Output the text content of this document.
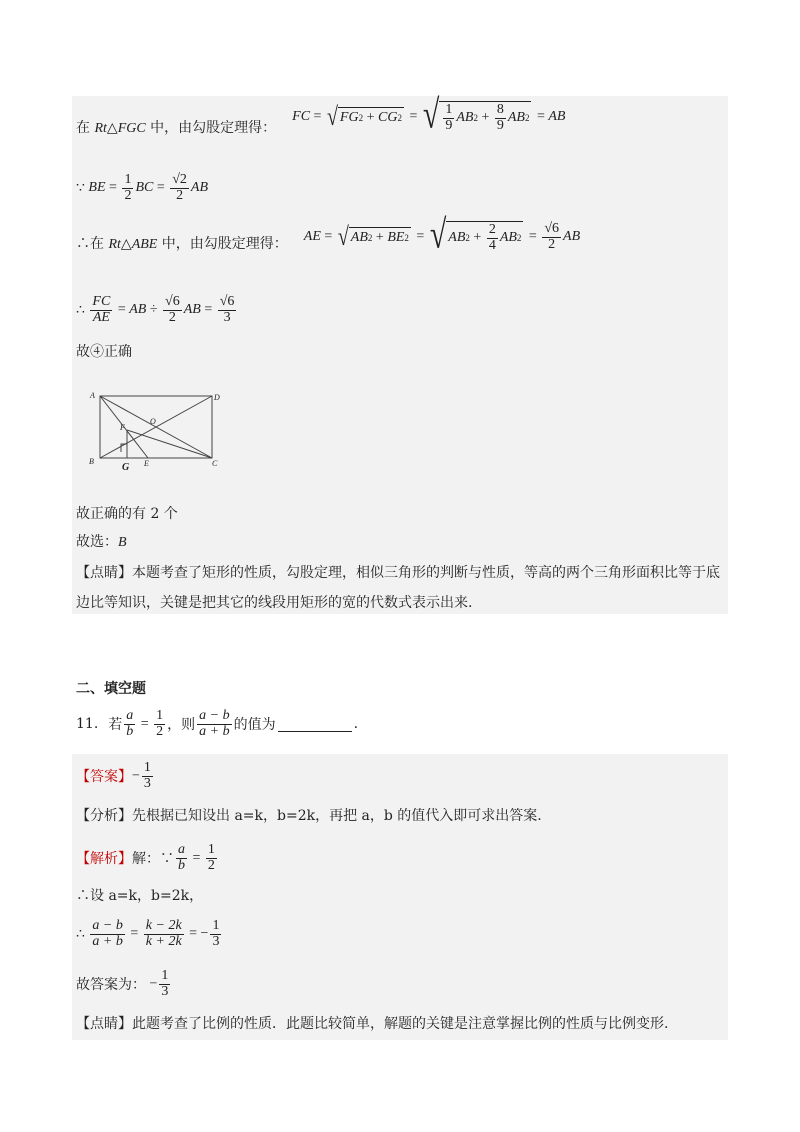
在 Rt△FGC 中，由勾股定理得：
FC = √ FG 2 + CG 2 = √ $\frac{1}{9}$ AB $2 + \frac{8}{9}$ AB 2 = AB
∵ BE = $\frac{1}{2}$ BC = $\frac{√2}{2}$ AB
∴在 Rt△ABE 中，由勾股定理得： AE = √ AB 2 + BE 2 = √ AB $2 + \frac{2}{4}$ AB $2 = \frac{√6}{2}$ AB
∴ $\frac{FC}{AE}$ = AB ÷ $\frac{√6}{2}$ AB = $\frac{√6}{3}$
故④正确
A	D
O
F
B
G E	C
故正确的有 2 个
故选：B
【点睛】本题考查了矩形的性质，勾股定理，相似三角形的判断与性质，等高的两个三角形面积比等于底边比等知识，关键是把其它的线段用矩形的宽的代数式表示出来.
二、填空题
11. 若 $\frac{a}{b} = \frac{1}{2}$ ，则 $\frac{a - b}{a + b}$ 的值为	.
【答案】 − $\frac{1}{3}$
【分析】先根据已知设出 a=k，b=2k，再把 a，b 的值代入即可求出答案.
【解析】 解：∵ $\frac{a}{b} = \frac{1}{2}$
∴设 a=k，b=2k，
∴
$\frac{a - b}{a + b} = \frac{k - 2k}{k + 2k}$ = − $\frac{1}{3}$
故答案为： − $\frac{1}{3}$
【点睛】此题考查了比例的性质．此题比较简单，解题的关键是注意掌握比例的性质与比例变形.
